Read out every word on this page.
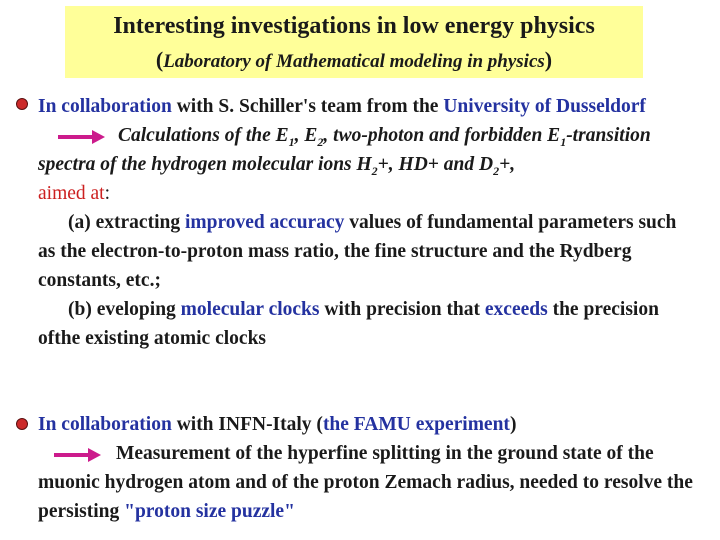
Interesting investigations in low energy physics
(Laboratory of Mathematical modeling in physics)
In collaboration with S. Schiller's team from the University of Dusseldorf Calculations of the $E_1$, $E_2$, two-photon and forbidden $E_1$-transition spectra of the hydrogen molecular ions $H_2+$, HD+ and $D_2+$,
aimed at:
(a) extracting improved accuracy values of fundamental parameters such as the electron-to-proton mass ratio, the fine structure and the Rydberg constants, etc.;
(b) eveloping molecular clocks with precision that exceeds the precision ofthe existing atomic clocks
In collaboration with INFN-Italy (the FAMU experiment)
Measurement of the hyperfine splitting in the ground state of the muonic hydrogen atom and of the proton Zemach radius, needed to resolve the persisting "proton size puzzle"
